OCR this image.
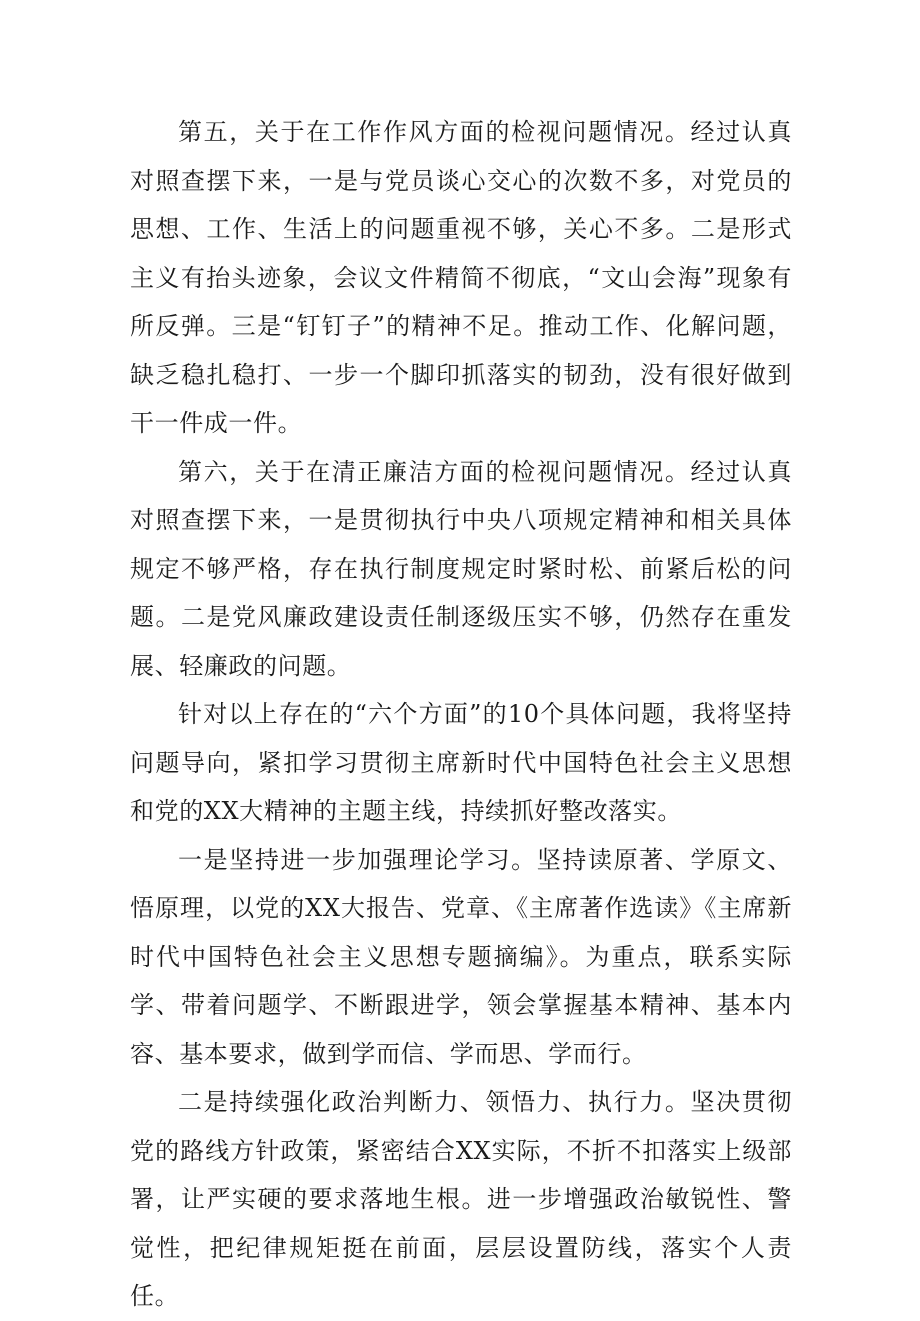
第五，关于在工作作风方面的检视问题情况。经过认真对照查摆下来，一是与党员谈心交心的次数不多，对党员的思想、工作、生活上的问题重视不够，关心不多。二是形式主义有抬头迹象，会议文件精简不彻底，“文山会海”现象有所反弹。三是“钉钉子”的精神不足。推动工作、化解问题，缺乏稳扎稳打、一步一个脚印抓落实的韧劲，没有很好做到干一件成一件。

第六，关于在清正廉洁方面的检视问题情况。经过认真对照查摆下来，一是贯彻执行中央八项规定精神和相关具体规定不够严格，存在执行制度规定时紧时松、前紧后松的问题。二是党风廉政建设责任制逐级压实不够，仍然存在重发展、轻廉政的问题。

针对以上存在的“六个方面”的10个具体问题，我将坚持问题导向，紧扣学习贯彻主席新时代中国特色社会主义思想和党的XX大精神的主题主线，持续抓好整改落实。

一是坚持进一步加强理论学习。坚持读原著、学原文、悟原理，以党的XX大报告、党章、《主席著作选读》《主席新时代中国特色社会主义思想专题摘编》。为重点，联系实际学、带着问题学、不断跟进学，领会掌握基本精神、基本内容、基本要求，做到学而信、学而思、学而行。

二是持续强化政治判断力、领悟力、执行力。坚决贯彻党的路线方针政策，紧密结合XX实际，不折不扣落实上级部署，让严实硬的要求落地生根。进一步增强政治敏锐性、警觉性，把纪律规矩挺在前面，层层设置防线，落实个人责任。
